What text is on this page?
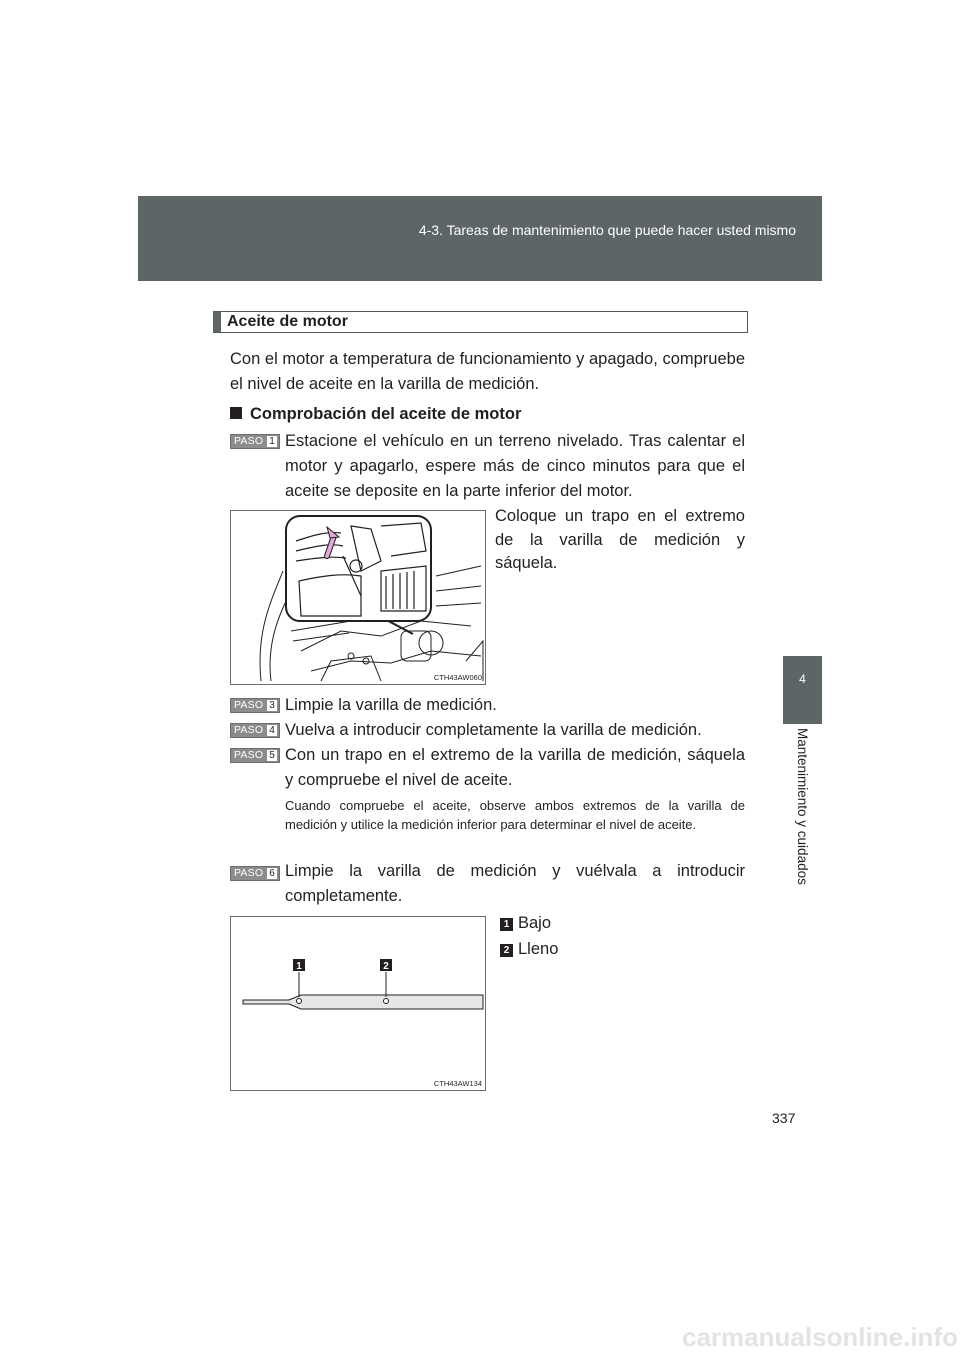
4-3. Tareas de mantenimiento que puede hacer usted mismo
4
Mantenimiento y cuidados
Aceite de motor
Con el motor a temperatura de funcionamiento y apagado, compruebe el nivel de aceite en la varilla de medición.
Comprobación del aceite de motor
PASO 1 Estacione el vehículo en un terreno nivelado. Tras calentar el motor y apagarlo, espere más de cinco minutos para que el aceite se deposite en la parte inferior del motor.
CTH43AW060
Coloque un trapo en el extremo de la varilla de medición y sáquela.
PASO 3 Limpie la varilla de medición.
PASO 4 Vuelva a introducir completamente la varilla de medición.
PASO 5 Con un trapo en el extremo de la varilla de medición, sáquela y compruebe el nivel de aceite.
Cuando compruebe el aceite, observe ambos extremos de la varilla de medición y utilice la medición inferior para determinar el nivel de aceite.
PASO 6 Limpie la varilla de medición y vuélvala a introducir completamente.
1	2
CTH43AW134
1 Bajo
2 Lleno
337
carmanualsonline.info
